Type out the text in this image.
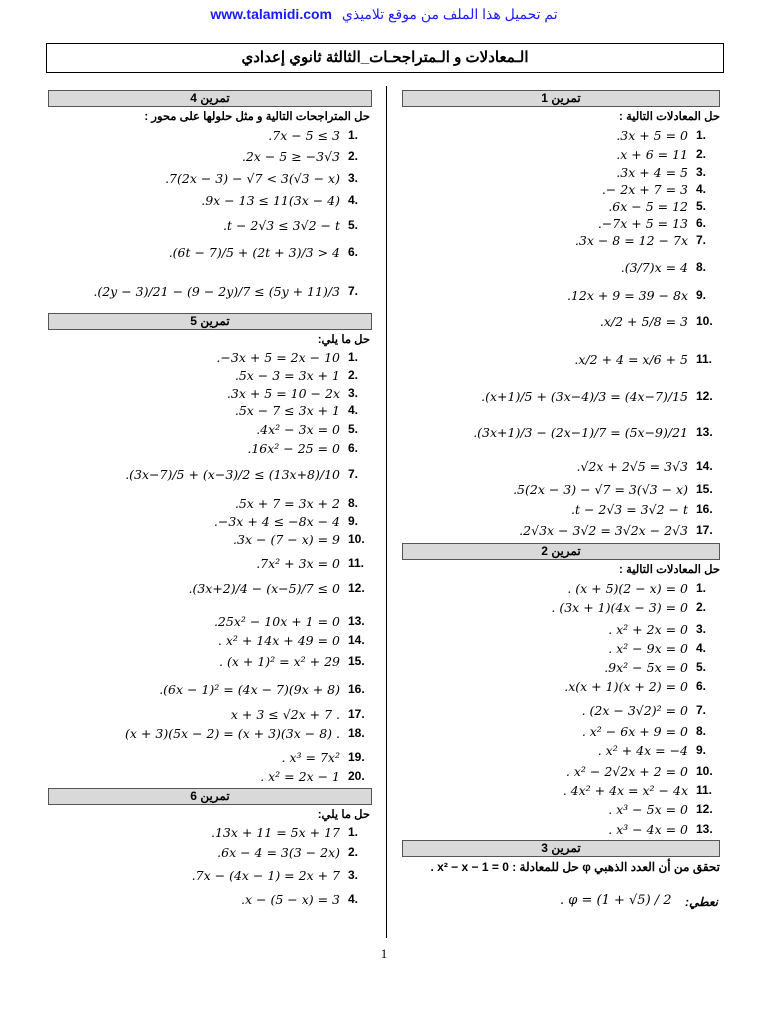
www.talamidi.com تم تحميل هذا الملف من موقع تلاميذي
الـمعادلات و الـمتراجحـات_الثالثة ثانوي إعدادي
تمرين 1
حل المعادلات التالية :
.3x + 5 = 0 1.
.x + 6 = 11 2.
.3x + 4 = 5 3.
.− 2x + 7 = 3 4.
.6x − 5 = 12 5.
.−7x + 5 = 13 6.
.3x − 8 = 12 − 7x 7.
.(3/7)x = 4 8.
.12x + 9 = 39 − 8x 9.
.x/2 + 5/8 = 3 10.
.x/2 + 4 = x/6 + 5 11.
.(x+1)/5 + (3x−4)/3 = (4x−7)/15 12.
.(3x+1)/3 − (2x−1)/7 = (5x−9)/21 13.
.√2x + 2√5 = 3√3 14.
.5(2x − 3) − √7 = 3(√3 − x) 15.
.t − 2√3 = 3√2 − t 16.
.2√3x − 3√2 = 3√2x − 2√3 17.
تمرين 2
حل المعادلات التالية :
. (x + 5)(2 − x) = 0 1.
. (3x + 1)(4x − 3) = 0 2.
. x² + 2x = 0 3.
. x² − 9x = 0 4.
.9x² − 5x = 0 5.
.x(x + 1)(x + 2) = 0 6.
. (2x − 3√2)² = 0 7.
. x² − 6x + 9 = 0 8.
. x² + 4x = −4 9.
. x² − 2√2x + 2 = 0 10.
. 4x² + 4x = x² − 4x 11.
. x³ − 5x = 0 12.
. x³ − 4x = 0 13.
تمرين 3
تحقق من أن العدد الذهبي φ حل للمعادلة : 0 = x² − x − 1 .
نعطي:
. φ = (1 + √5) / 2
تمرين 4
حل المتراجحات التالية و مثل حلولها على محور :
.7x − 5 ≤ 3 1.
.2x − 5 ≥ −3√3 2.
.7(2x − 3) − √7 < 3(√3 − x) 3.
.9x − 13 ≤ 11(3x − 4) 4.
.t − 2√3 ≤ 3√2 − t 5.
.(6t − 7)/5 + (2t + 3)/3 > 4 6.
.(2y − 3)/21 − (9 − 2y)/7 ≤ (5y + 11)/3 7.
تمرين 5
حل ما يلي:
.−3x + 5 = 2x − 10 1.
.5x − 3 = 3x + 1 2.
.3x + 5 = 10 − 2x 3.
.5x − 7 ≤ 3x + 1 4.
.4x² − 3x = 0 5.
.16x² − 25 = 0 6.
.(3x−7)/5 + (x−3)/2 ≤ (13x+8)/10 7.
.5x + 7 = 3x + 2 8.
.−3x + 4 ≤ −8x − 4 9.
.3x − (7 − x) = 9 10.
.7x² + 3x = 0 11.
.(3x+2)/4 − (x−5)/7 ≤ 0 12.
.25x² − 10x + 1 = 0 13.
. x² + 14x + 49 = 0 14.
. (x + 1)² = x² + 29 15.
.(6x − 1)² = (4x − 7)(9x + 8) 16.
x + 3 ≤ √2x + 7 . 17.
(x + 3)(5x − 2) = (x + 3)(3x − 8) . 18.
. x³ = 7x² 19.
. x² = 2x − 1 20.
تمرين 6
حل ما يلي:
.13x + 11 = 5x + 17 1.
.6x − 4 = 3(3 − 2x) 2.
.7x − (4x − 1) = 2x + 7 3.
.x − (5 − x) = 3 4.
1
